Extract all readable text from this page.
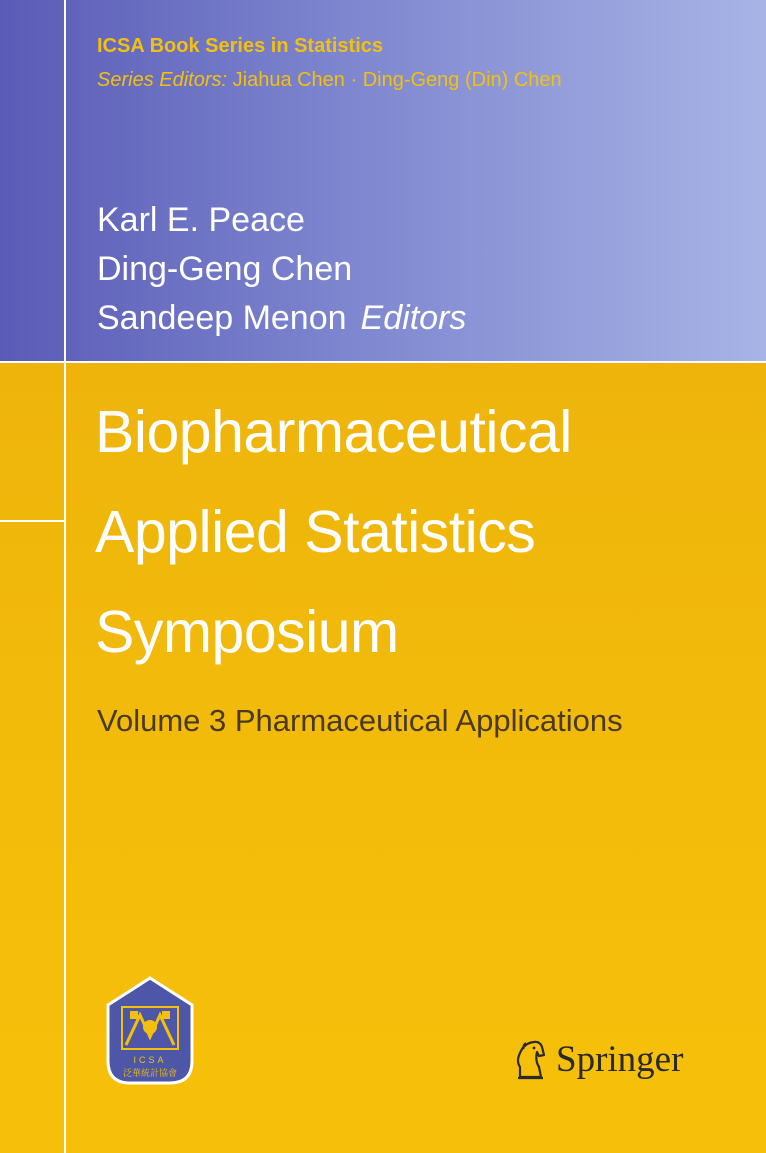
ICSA Book Series in Statistics
Series Editors: Jiahua Chen · Ding-Geng (Din) Chen
Karl E. Peace
Ding-Geng Chen
Sandeep Menon Editors
Biopharmaceutical
Applied Statistics
Symposium
Volume 3 Pharmaceutical Applications
ICSA
泛華統計協會	Springer
